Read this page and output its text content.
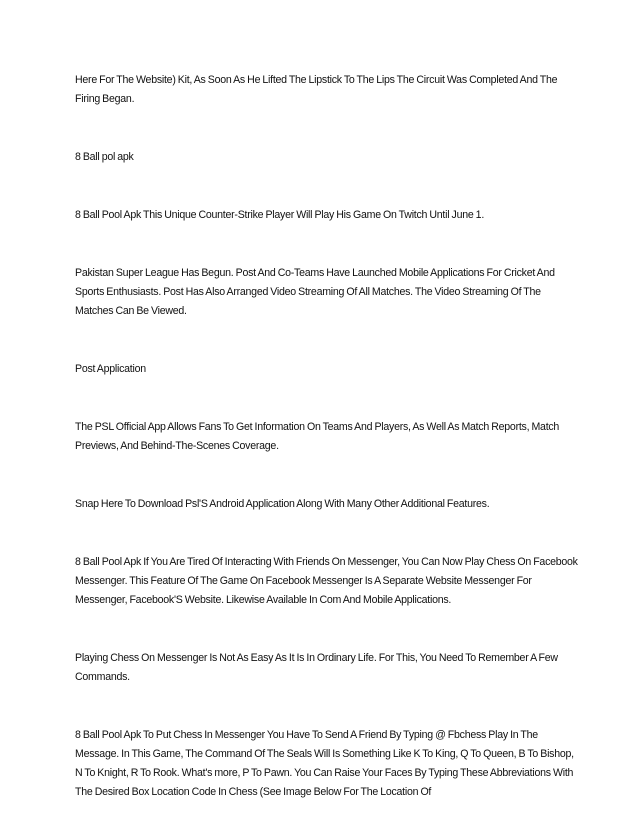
Here For The Website) Kit, As Soon As He Lifted The Lipstick To The Lips The Circuit Was Completed And The Firing Began.

8 Ball pol apk

8 Ball Pool Apk This Unique Counter-Strike Player Will Play His Game On Twitch Until June 1.

Pakistan Super League Has Begun. Post And Co-Teams Have Launched Mobile Applications For Cricket And Sports Enthusiasts. Post Has Also Arranged Video Streaming Of All Matches. The Video Streaming Of The Matches Can Be Viewed.

Post Application

The PSL Official App Allows Fans To Get Information On Teams And Players, As Well As Match Reports, Match Previews, And Behind-The-Scenes Coverage.

Snap Here To Download Psl'S Android Application Along With Many Other Additional Features.

8 Ball Pool Apk If You Are Tired Of Interacting With Friends On Messenger, You Can Now Play Chess On Facebook Messenger. This Feature Of The Game On Facebook Messenger Is A Separate Website Messenger For Messenger, Facebook'S Website. Likewise Available In Com And Mobile Applications.

Playing Chess On Messenger Is Not As Easy As It Is In Ordinary Life. For This, You Need To Remember A Few Commands.

8 Ball Pool Apk To Put Chess In Messenger You Have To Send A Friend By Typing @ Fbchess Play In The Message. In This Game, The Command Of The Seals Will Is Something Like K To King, Q To Queen, B To Bishop, N To Knight, R To Rook. What's more, P To Pawn. You Can Raise Your Faces By Typing These Abbreviations With The Desired Box Location Code In Chess (See Image Below For The Location Of
